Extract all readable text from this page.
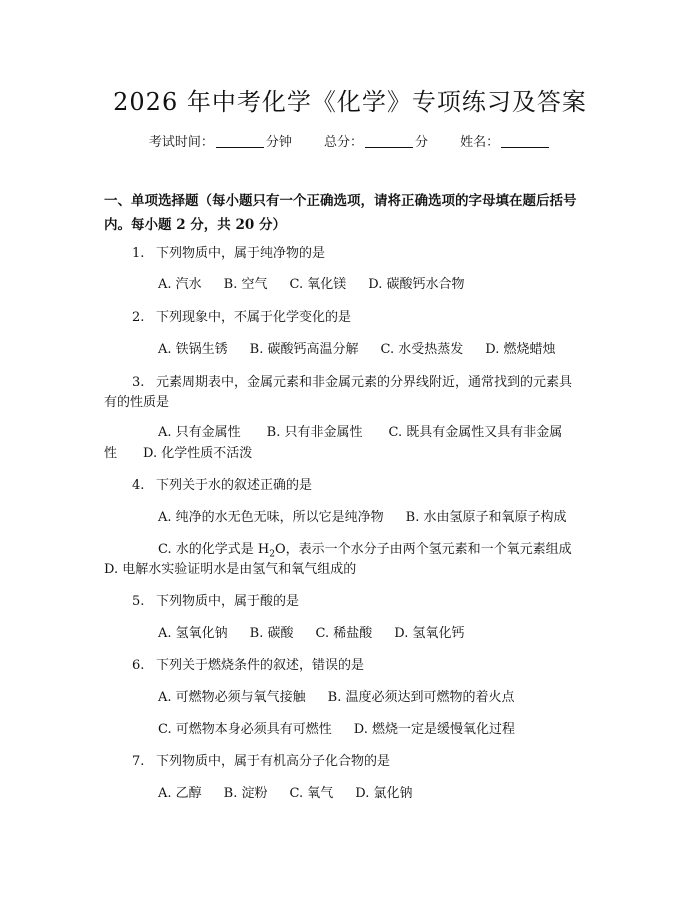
2026 年中考化学《化学》专项练习及答案
考试时间：	分钟 总分：	分 姓名：
一、单项选择题（每小题只有一个正确选项，请将正确选项的字母填在题后括号
内。每小题 2 分，共 20 分）
1. 下列物质中，属于纯净物的是
A. 汽水 B. 空气 C. 氧化镁 D. 碳酸钙水合物
2. 下列现象中，不属于化学变化的是
A. 铁锅生锈 B. 碳酸钙高温分解 C. 水受热蒸发 D. 燃烧蜡烛
3. 元素周期表中，金属元素和非金属元素的分界线附近，通常找到的元素具
有的性质是
A. 只有金属性　　B. 只有非金属性　　C. 既具有金属性又具有非金属
性　　D. 化学性质不活泼
4. 下列关于水的叙述正确的是
A. 纯净的水无色无味，所以它是纯净物 B. 水由氢原子和氧原子构成
C. 水的化学式是 $H_2O$，表示一个水分子由两个氢元素和一个氧元素组成
D. 电解水实验证明水是由氢气和氧气组成的
5. 下列物质中，属于酸的是
A. 氢氧化钠 B. 碳酸 C. 稀盐酸 D. 氢氧化钙
6. 下列关于燃烧条件的叙述，错误的是
A. 可燃物必须与氧气接触 B. 温度必须达到可燃物的着火点
C. 可燃物本身必须具有可燃性 D. 燃烧一定是缓慢氧化过程
7. 下列物质中，属于有机高分子化合物的是
A. 乙醇 B. 淀粉 C. 氧气 D. 氯化钠
